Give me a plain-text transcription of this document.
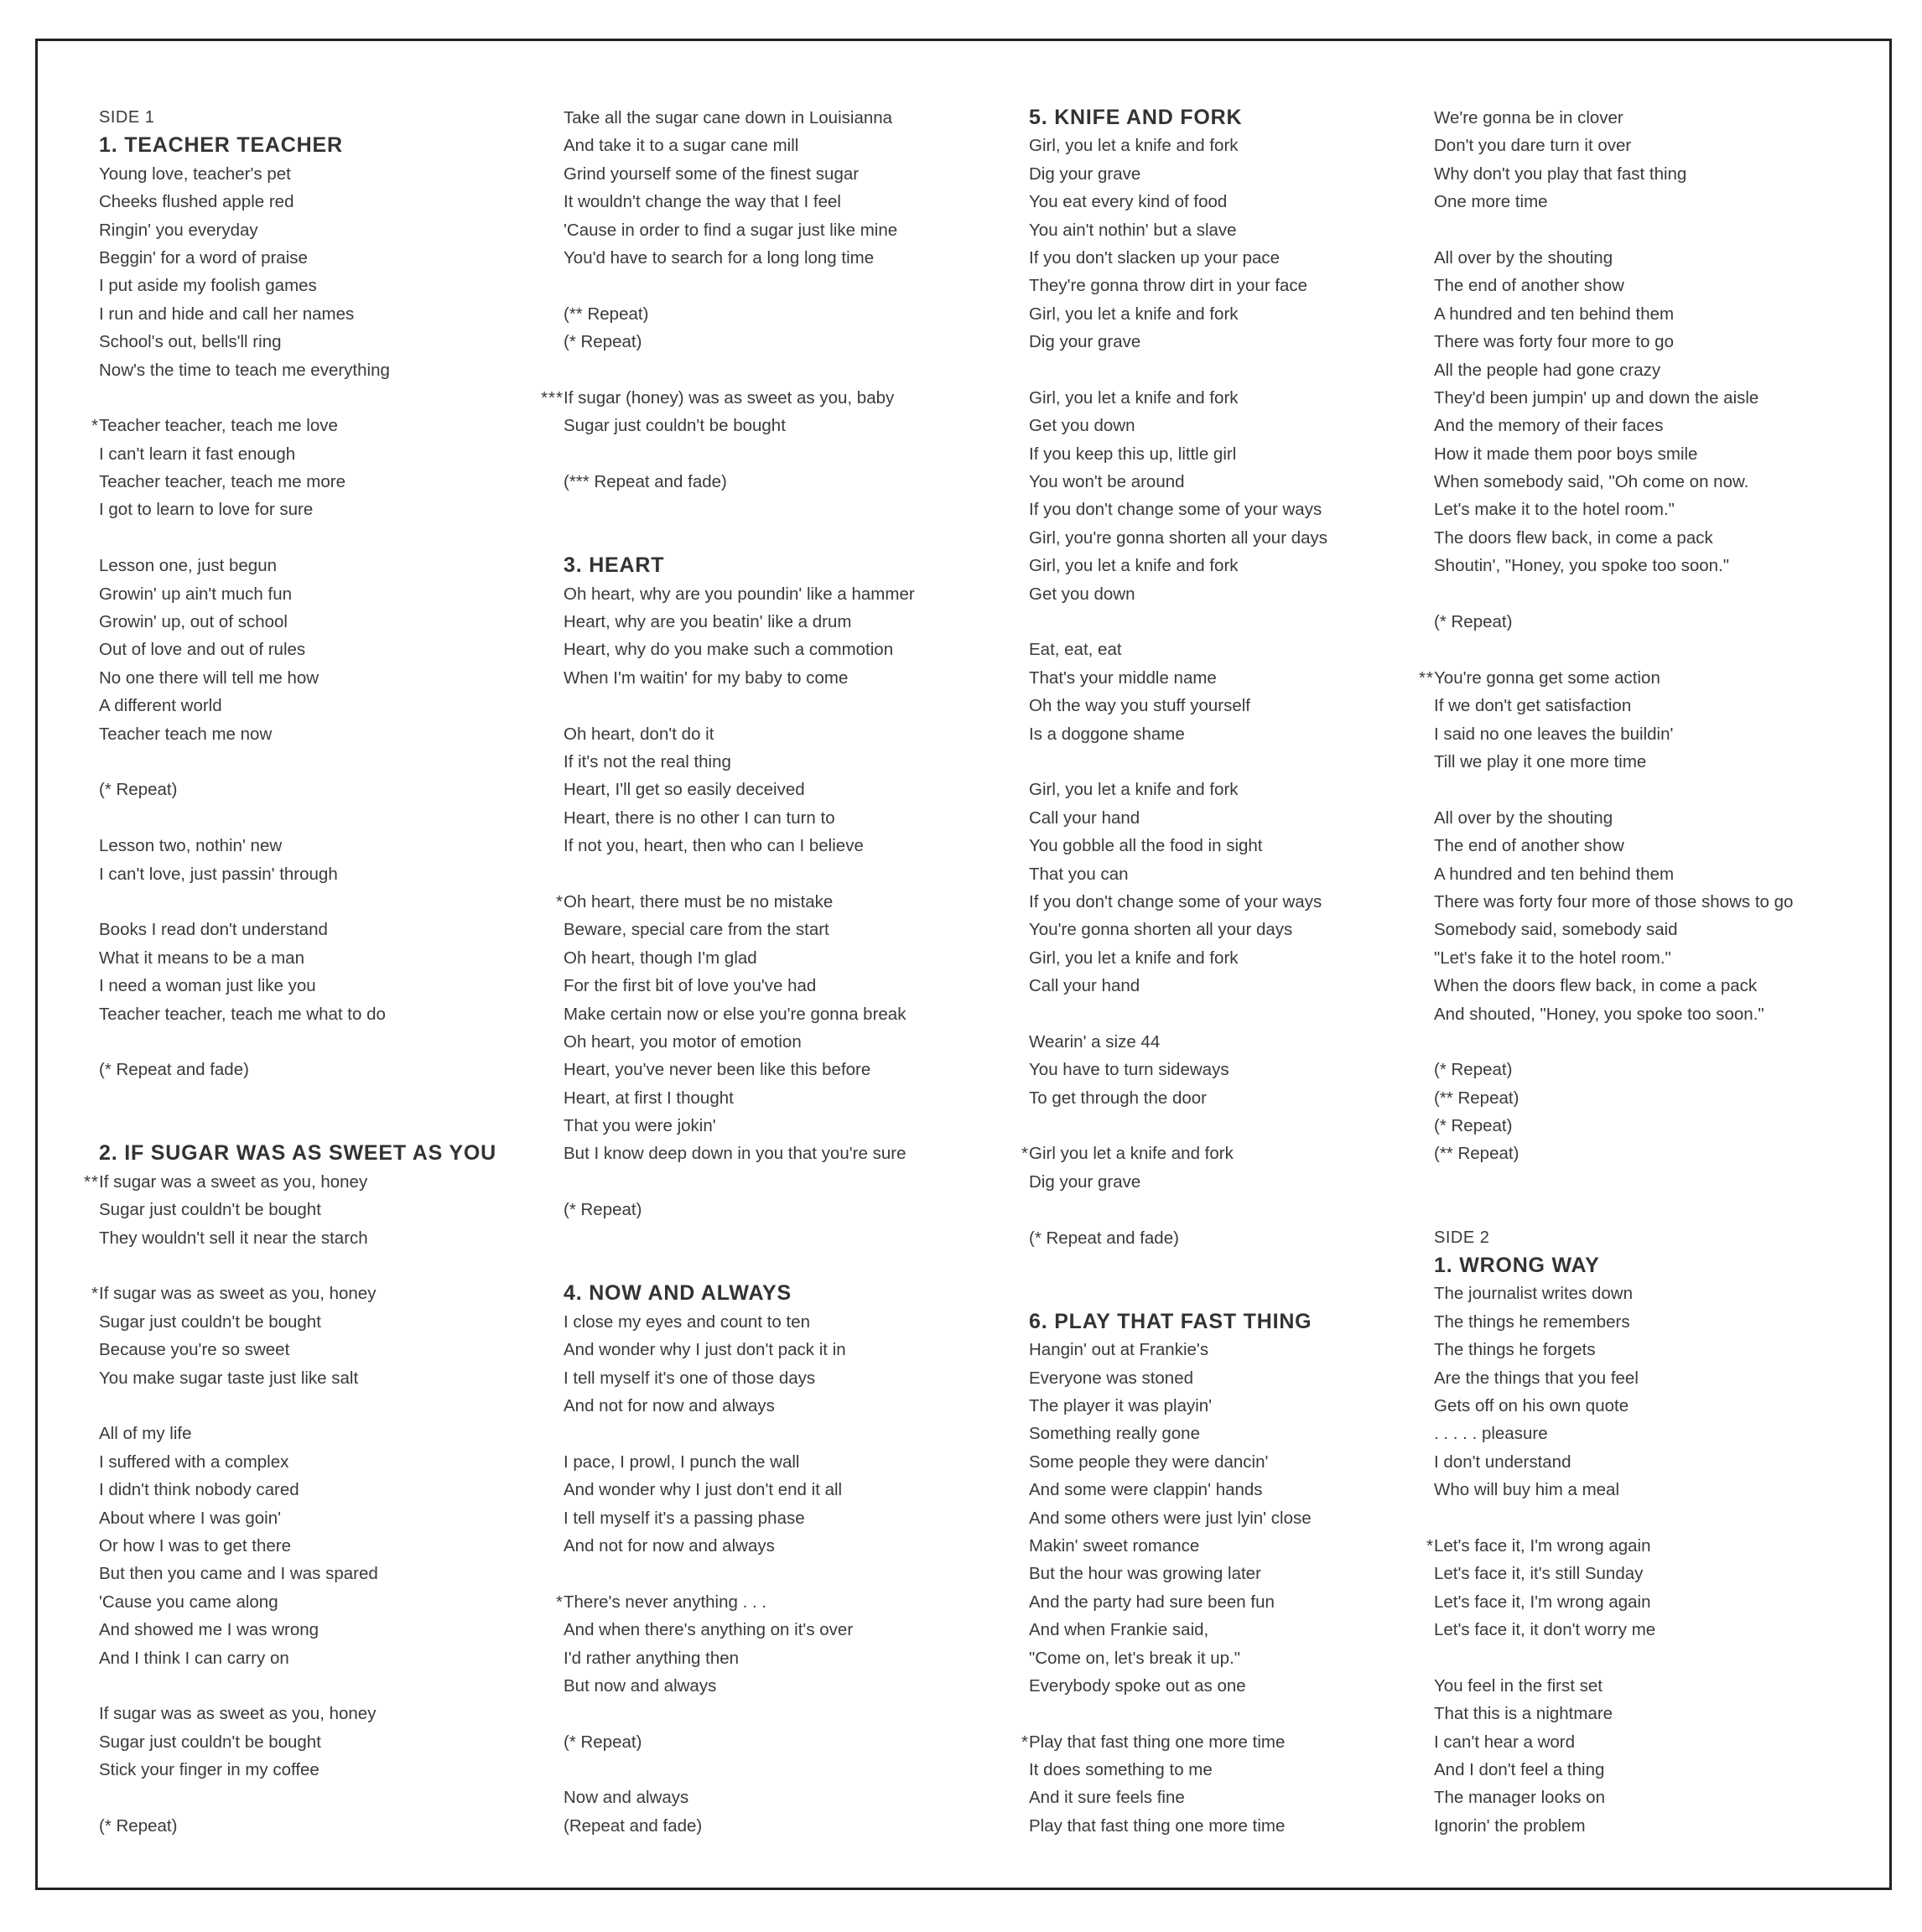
SIDE 1
1. TEACHER TEACHER
Young love, teacher's pet
Cheeks flushed apple red
Ringin' you everyday
Beggin' for a word of praise
I put aside my foolish games
I run and hide and call her names
School's out, bells'll ring
Now's the time to teach me everything
* Teacher teacher, teach me love
I can't learn it fast enough
Teacher teacher, teach me more
I got to learn to love for sure
Lesson one, just begun
Growin' up ain't much fun
Growin' up, out of school
Out of love and out of rules
No one there will tell me how
A different world
Teacher teach me now
(* Repeat)
Lesson two, nothin' new
I can't love, just passin' through
Books I read don't understand
What it means to be a man
I need a woman just like you
Teacher teacher, teach me what to do
(* Repeat and fade)
2. IF SUGAR WAS AS SWEET AS YOU
** If sugar was a sweet as you, honey
Sugar just couldn't be bought
They wouldn't sell it near the starch
* If sugar was as sweet as you, honey
Sugar just couldn't be bought
Because you're so sweet
You make sugar taste just like salt
All of my life
I suffered with a complex
I didn't think nobody cared
About where I was goin'
Or how I was to get there
But then you came and I was spared
'Cause you came along
And showed me I was wrong
And I think I can carry on
If sugar was as sweet as you, honey
Sugar just couldn't be bought
Stick your finger in my coffee
(* Repeat)
Take all the sugar cane down in Louisianna
And take it to a sugar cane mill
Grind yourself some of the finest sugar
It wouldn't change the way that I feel
'Cause in order to find a sugar just like mine
You'd have to search for a long long time
(** Repeat)
(* Repeat)
*** If sugar (honey) was as sweet as you, baby
Sugar just couldn't be bought
(*** Repeat and fade)
3. HEART
Oh heart, why are you poundin' like a hammer
Heart, why are you beatin' like a drum
Heart, why do you make such a commotion
When I'm waitin' for my baby to come
Oh heart, don't do it
If it's not the real thing
Heart, I'll get so easily deceived
Heart, there is no other I can turn to
If not you, heart, then who can I believe
* Oh heart, there must be no mistake
Beware, special care from the start
Oh heart, though I'm glad
For the first bit of love you've had
Make certain now or else you're gonna break
Oh heart, you motor of emotion
Heart, you've never been like this before
Heart, at first I thought
That you were jokin'
But I know deep down in you that you're sure
(* Repeat)
4. NOW AND ALWAYS
I close my eyes and count to ten
And wonder why I just don't pack it in
I tell myself it's one of those days
And not for now and always
I pace, I prowl, I punch the wall
And wonder why I just don't end it all
I tell myself it's a passing phase
And not for now and always
* There's never anything . . .
And when there's anything on it's over
I'd rather anything then
But now and always
(* Repeat)
Now and always
(Repeat and fade)
5. KNIFE AND FORK
Girl, you let a knife and fork
Dig your grave
You eat every kind of food
You ain't nothin' but a slave
If you don't slacken up your pace
They're gonna throw dirt in your face
Girl, you let a knife and fork
Dig your grave
Girl, you let a knife and fork
Get you down
If you keep this up, little girl
You won't be around
If you don't change some of your ways
Girl, you're gonna shorten all your days
Girl, you let a knife and fork
Get you down
Eat, eat, eat
That's your middle name
Oh the way you stuff yourself
Is a doggone shame
Girl, you let a knife and fork
Call your hand
You gobble all the food in sight
That you can
If you don't change some of your ways
You're gonna shorten all your days
Girl, you let a knife and fork
Call your hand
Wearin' a size 44
You have to turn sideways
To get through the door
* Girl you let a knife and fork
Dig your grave
(* Repeat and fade)
6. PLAY THAT FAST THING
Hangin' out at Frankie's
Everyone was stoned
The player it was playin'
Something really gone
Some people they were dancin'
And some were clappin' hands
And some others were just lyin' close
Makin' sweet romance
But the hour was growing later
And the party had sure been fun
And when Frankie said,
"Come on, let's break it up."
Everybody spoke out as one
* Play that fast thing one more time
It does something to me
And it sure feels fine
Play that fast thing one more time
We're gonna be in clover
Don't you dare turn it over
Why don't you play that fast thing
One more time
All over by the shouting
The end of another show
A hundred and ten behind them
There was forty four more to go
All the people had gone crazy
They'd been jumpin' up and down the aisle
And the memory of their faces
How it made them poor boys smile
When somebody said, "Oh come on now.
Let's make it to the hotel room."
The doors flew back, in come a pack
Shoutin', "Honey, you spoke too soon."
(* Repeat)
** You're gonna get some action
If we don't get satisfaction
I said no one leaves the buildin'
Till we play it one more time
All over by the shouting
The end of another show
A hundred and ten behind them
There was forty four more of those shows to go
Somebody said, somebody said
"Let's fake it to the hotel room."
When the doors flew back, in come a pack
And shouted, "Honey, you spoke too soon."
(* Repeat)
(** Repeat)
(* Repeat)
(** Repeat)
SIDE 2
1. WRONG WAY
The journalist writes down
The things he remembers
The things he forgets
Are the things that you feel
Gets off on his own quote
. . . . . pleasure
I don't understand
Who will buy him a meal
* Let's face it, I'm wrong again
Let's face it, it's still Sunday
Let's face it, I'm wrong again
Let's face it, it don't worry me
You feel in the first set
That this is a nightmare
I can't hear a word
And I don't feel a thing
The manager looks on
Ignorin' the problem
